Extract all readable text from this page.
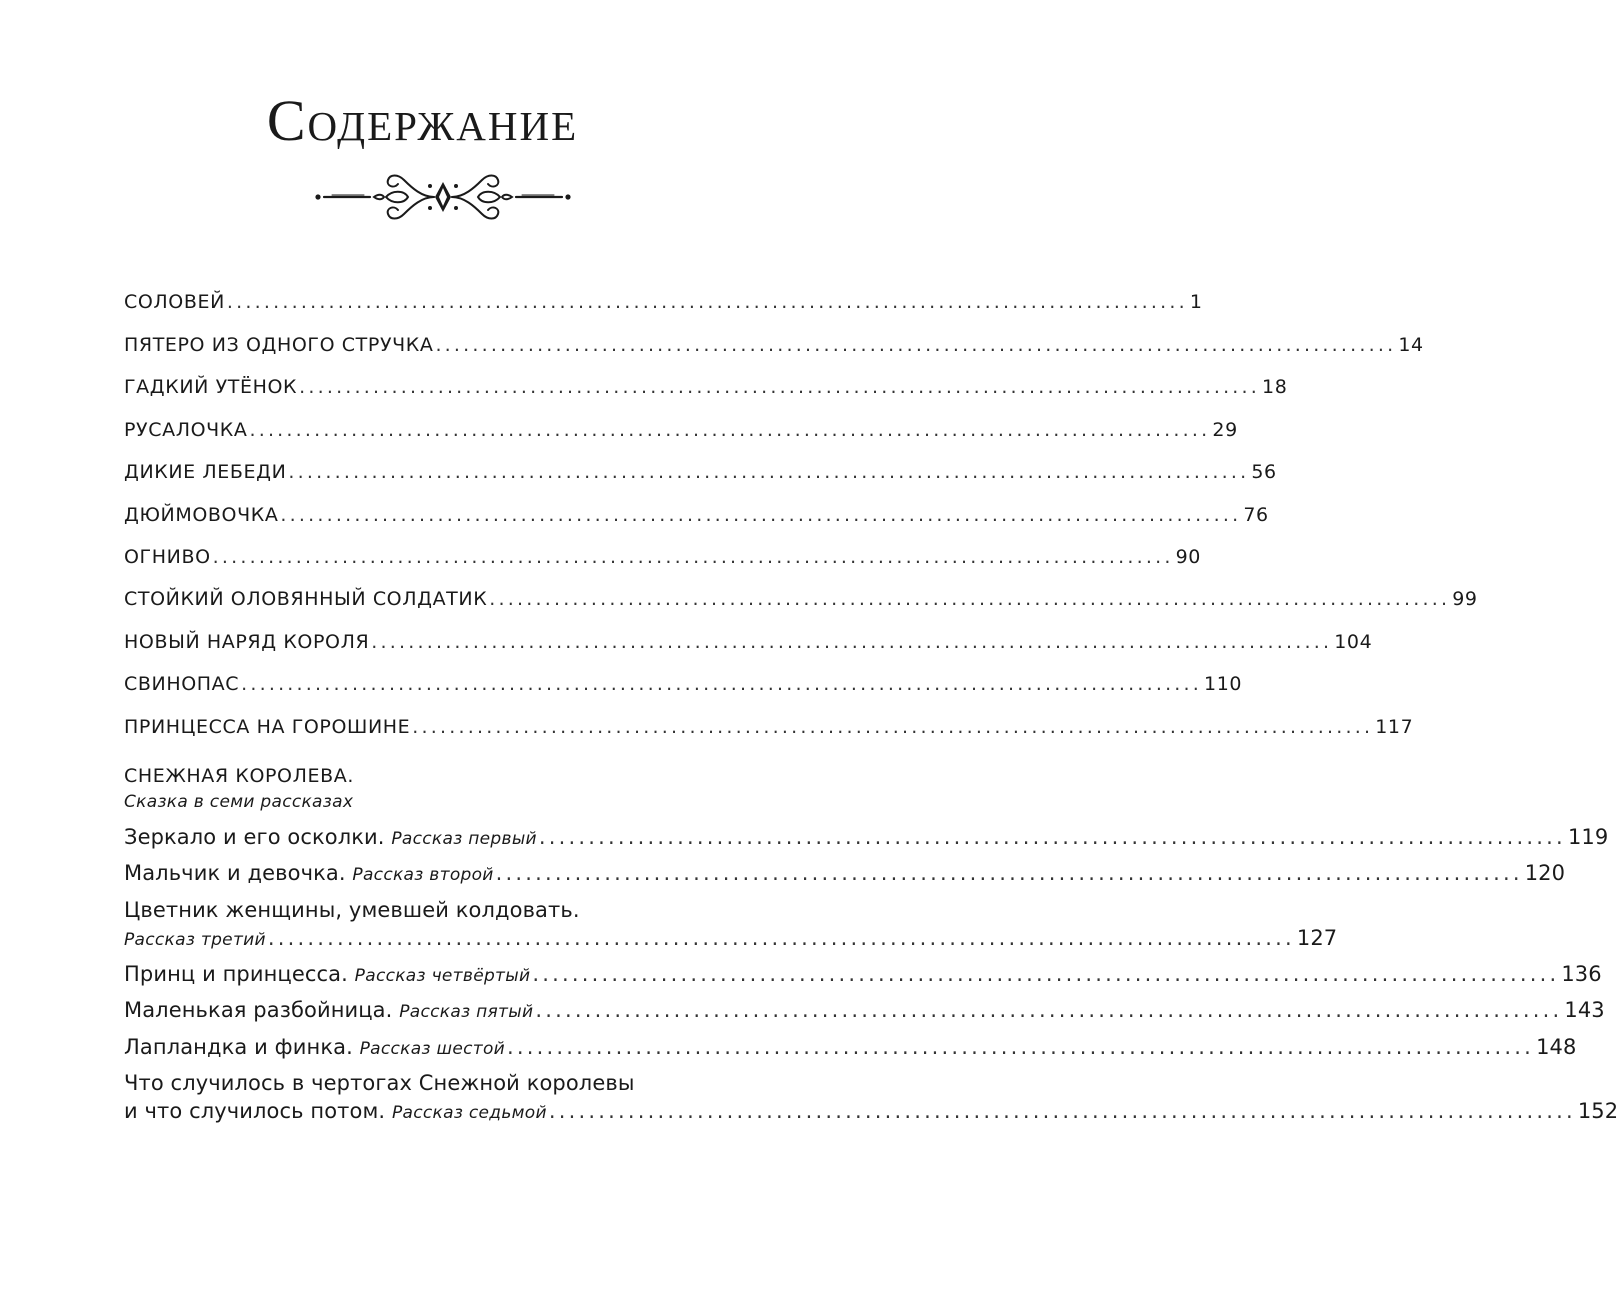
Содержание
СОЛОВЕЙ ........................................................................................................ 1
ПЯТЕРО ИЗ ОДНОГО СТРУЧКА ........................................................................................................ 14
ГАДКИЙ УТЁНОК ........................................................................................................ 18
РУСАЛОЧКА ........................................................................................................ 29
ДИКИЕ ЛЕБЕДИ ........................................................................................................ 56
ДЮЙМОВОЧКА ........................................................................................................ 76
ОГНИВО ........................................................................................................ 90
СТОЙКИЙ ОЛОВЯННЫЙ СОЛДАТИК ........................................................................................................ 99
НОВЫЙ НАРЯД КОРОЛЯ ........................................................................................................ 104
СВИНОПАС ........................................................................................................ 110
ПРИНЦЕССА НА ГОРОШИНЕ ........................................................................................................ 117
СНЕЖНАЯ КОРОЛЕВА.
Сказка в семи рассказах
Зеркало и его осколки.
Рассказ первый ........................................................................................................ 119
Мальчик и девочка.
Рассказ второй ........................................................................................................ 120
Цветник женщины, умевшей колдовать.
Рассказ третий ........................................................................................................ 127
Принц и принцесса.
Рассказ четвёртый ........................................................................................................ 136
Маленькая разбойница.
Рассказ пятый ........................................................................................................ 143
Лапландка и финка.
Рассказ шестой ........................................................................................................ 148
Что случилось в чертогах Снежной королевы
и что случилось потом.
Рассказ седьмой ........................................................................................................ 152
